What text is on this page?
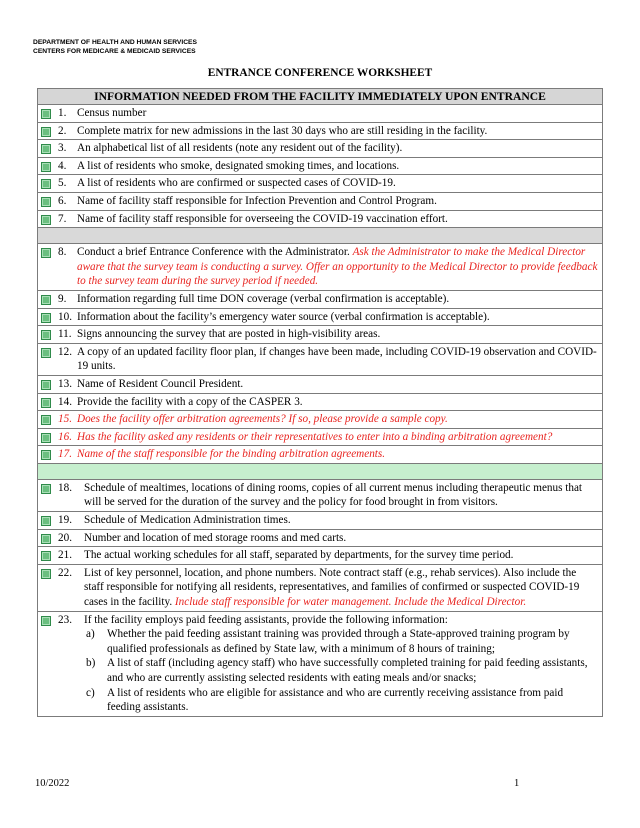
DEPARTMENT OF HEALTH AND HUMAN SERVICES
CENTERS FOR MEDICARE & MEDICAID SERVICES
ENTRANCE CONFERENCE WORKSHEET
INFORMATION NEEDED FROM THE FACILITY IMMEDIATELY UPON ENTRANCE

1. Census number

2. Complete matrix for new admissions in the last 30 days who are still residing in the facility.

3. An alphabetical list of all residents (note any resident out of the facility).

4. A list of residents who smoke, designated smoking times, and locations.

5. A list of residents who are confirmed or suspected cases of COVID-19.

6. Name of facility staff responsible for Infection Prevention and Control Program.

7. Name of facility staff responsible for overseeing the COVID-19 vaccination effort.

8. Conduct a brief Entrance Conference with the Administrator. Ask the Administrator to make the Medical Director aware that the survey team is conducting a survey. Offer an opportunity to the Medical Director to provide feedback to the survey team during the survey period if needed.

9. Information regarding full time DON coverage (verbal confirmation is acceptable).

10. Information about the facility’s emergency water source (verbal confirmation is acceptable).

11. Signs announcing the survey that are posted in high-visibility areas.

12. A copy of an updated facility floor plan, if changes have been made, including COVID-19 observation and COVID-19 units.

13. Name of Resident Council President.

14. Provide the facility with a copy of the CASPER 3.

15. Does the facility offer arbitration agreements? If so, please provide a sample copy.

16. Has the facility asked any residents or their representatives to enter into a binding arbitration agreement?

17. Name of the staff responsible for the binding arbitration agreements.

18.	Schedule of mealtimes, locations of dining rooms, copies of all current menus including therapeutic menus that will be served for the duration of the survey and the policy for food brought in from visitors.

19.	Schedule of Medication Administration times.

20.	Number and location of med storage rooms and med carts.

21.	The actual working schedules for all staff, separated by departments, for the survey time period.

22.	List of key personnel, location, and phone numbers. Note contract staff (e.g., rehab services). Also include the staff responsible for notifying all residents, representatives, and families of confirmed or suspected COVID-19 cases in the facility. Include staff responsible for water management. Include the Medical Director.

23.	If the facility employs paid feeding assistants, provide the following information:
a)	Whether the paid feeding assistant training was provided through a State-approved training program by qualified professionals as defined by State law, with a minimum of 8 hours of training;
b)	A list of staff (including agency staff) who have successfully completed training for paid feeding assistants, and who are currently assisting selected residents with eating meals and/or snacks;
c)	A list of residents who are eligible for assistance and who are currently receiving assistance from paid feeding assistants.
10/2022	1
